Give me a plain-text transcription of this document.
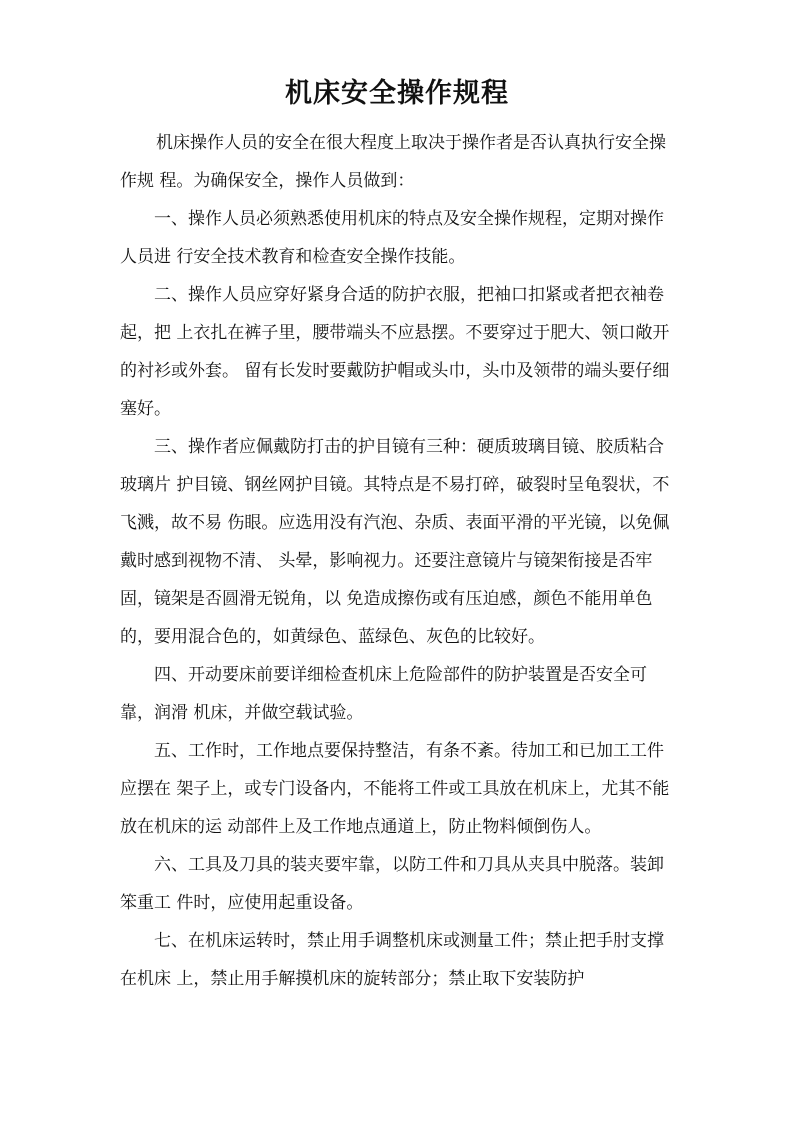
机床安全操作规程

机床操作人员的安全在很大程度上取决于操作者是否认真执行安全操作规 程。为确保安全，操作人员做到：

一、操作人员必须熟悉使用机床的特点及安全操作规程，定期对操作人员进 行安全技术教育和检查安全操作技能。

二、操作人员应穿好紧身合适的防护衣服，把袖口扣紧或者把衣袖卷起，把 上衣扎在裤子里，腰带端头不应悬摆。不要穿过于肥大、领口敞开的衬衫或外套。 留有长发时要戴防护帽或头巾，头巾及领带的端头要仔细塞好。

三、操作者应佩戴防打击的护目镜有三种：硬质玻璃目镜、胶质粘合玻璃片 护目镜、钢丝网护目镜。其特点是不易打碎，破裂时呈龟裂状，不飞溅，故不易 伤眼。应选用没有汽泡、杂质、表面平滑的平光镜，以免佩戴时感到视物不清、 头晕，影响视力。还要注意镜片与镜架衔接是否牢固，镜架是否圆滑无锐角，以 免造成擦伤或有压迫感，颜色不能用单色的，要用混合色的，如黄绿色、蓝绿色、灰色的比较好。

四、开动要床前要详细检查机床上危险部件的防护装置是否安全可靠，润滑 机床，并做空载试验。

五、工作时，工作地点要保持整洁，有条不紊。待加工和已加工工件应摆在 架子上，或专门设备内，不能将工件或工具放在机床上，尤其不能放在机床的运 动部件上及工作地点通道上，防止物料倾倒伤人。

六、工具及刀具的装夹要牢靠，以防工件和刀具从夹具中脱落。装卸笨重工 件时，应使用起重设备。

七、在机床运转时，禁止用手调整机床或测量工件；禁止把手肘支撑在机床 上，禁止用手解摸机床的旋转部分；禁止取下安装防护
